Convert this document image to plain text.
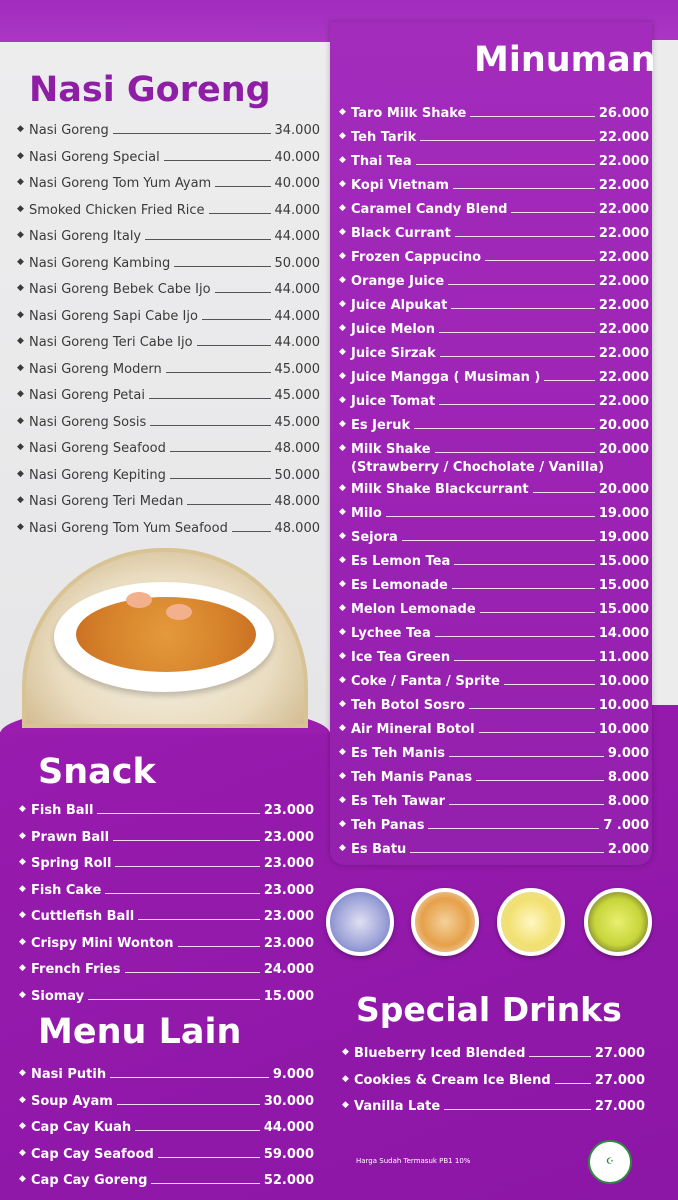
Nasi Goreng
Minuman
Snack
Menu Lain
Special Drinks
◆ Nasi Goreng	34.000
◆ Nasi Goreng Special	40.000
◆ Nasi Goreng Tom Yum Ayam	40.000
◆ Smoked Chicken Fried Rice	44.000
◆ Nasi Goreng Italy	44.000
◆ Nasi Goreng Kambing	50.000
◆ Nasi Goreng Bebek Cabe Ijo	44.000
◆ Nasi Goreng Sapi Cabe Ijo	44.000
◆ Nasi Goreng Teri Cabe Ijo	44.000
◆ Nasi Goreng Modern	45.000
◆ Nasi Goreng Petai	45.000
◆ Nasi Goreng Sosis	45.000
◆ Nasi Goreng Seafood	48.000
◆ Nasi Goreng Kepiting	50.000
◆ Nasi Goreng Teri Medan	48.000
◆ Nasi Goreng Tom Yum Seafood	48.000
◆ Taro Milk Shake	26.000
◆ Teh Tarik	22.000
◆ Thai Tea	22.000
◆ Kopi Vietnam	22.000
◆ Caramel Candy Blend	22.000
◆ Black Currant	22.000
◆ Frozen Cappucino	22.000
◆ Orange Juice	22.000
◆ Juice Alpukat	22.000
◆ Juice Melon	22.000
◆ Juice Sirzak	22.000
◆ Juice Mangga ( Musiman )	22.000
◆ Juice Tomat	22.000
◆ Es Jeruk	20.000
◆ Milk Shake	20.000
(Strawberry / Chocholate / Vanilla)
◆ Milk Shake Blackcurrant	20.000
◆ Milo	19.000
◆ Sejora	19.000
◆ Es Lemon Tea	15.000
◆ Es Lemonade	15.000
◆ Melon Lemonade	15.000
◆ Lychee Tea	14.000
◆ Ice Tea Green	11.000
◆ Coke / Fanta / Sprite	10.000
◆ Teh Botol Sosro	10.000
◆ Air Mineral Botol	10.000
◆ Es Teh Manis	9.000
◆ Teh Manis Panas	8.000
◆ Es Teh Tawar	8.000
◆ Teh Panas	7 .000
◆ Es Batu	2.000
◆ Fish Ball	23.000
◆ Prawn Ball	23.000
◆ Spring Roll	23.000
◆ Fish Cake	23.000
◆ Cuttlefish Ball	23.000
◆ Crispy Mini Wonton	23.000
◆ French Fries	24.000
◆ Siomay	15.000
◆ Nasi Putih	9.000
◆ Soup Ayam	30.000
◆ Cap Cay Kuah	44.000
◆ Cap Cay Seafood	59.000
◆ Cap Cay Goreng	52.000
◆ Blueberry Iced Blended	27.000
◆ Cookies & Cream Ice Blend	27.000
◆ Vanilla Late	27.000
Harga Sudah Termasuk PB1 10%	☪
